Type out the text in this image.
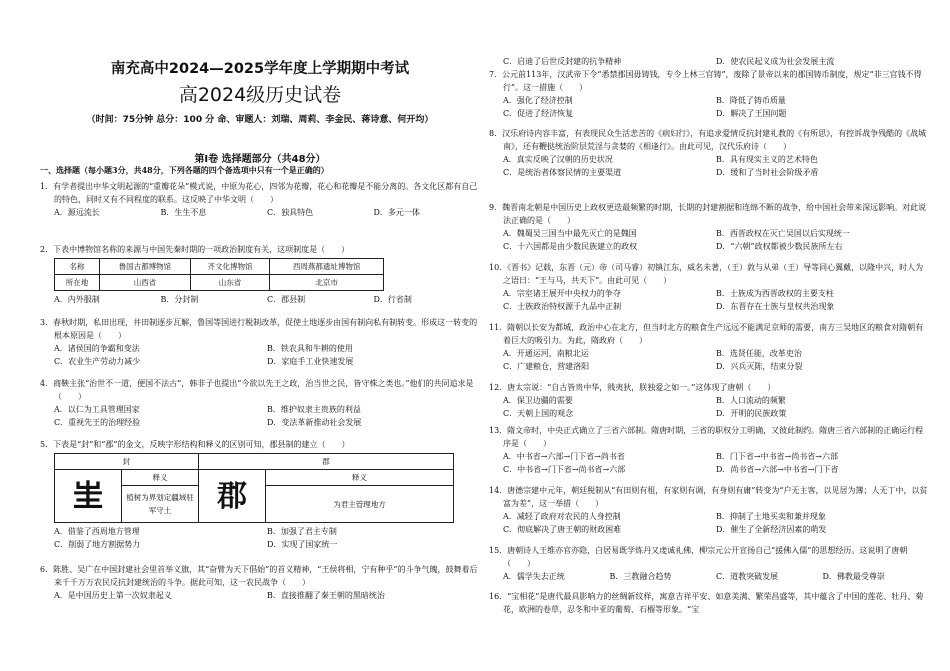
南充高中2024—2025学年度上学期期中考试
高2024级历史试卷
（时间：75分钟 总分：100 分 命、审题人：刘瑞、周莉、李金民、蒋诗意、何开均）
第Ⅰ卷 选择题部分（共48分）
一、选择题（每小题3分，共48分，下列各题的四个备选项中只有一个是正确的）
1．有学者提出中华文明起源的“重瓣花朵”模式说，中原为花心，四邻为花瓣，花心和花瓣是不能分离的。各文化区都有自己的特色，同时又有不同程度的联系。这反映了中华文明（　　）
A．源远流长	B．生生不息	C．独具特色	D．多元一体
2．下表中博物馆名称的来源与中国先秦时期的一项政治制度有关，这项制度是（　　）
名称	鲁国古都博物馆	齐文化博物馆	西周燕都遗址博物馆
所在地	山西省	山东省	北京市
A．内外服制	B．分封制	C．郡县制	D．行省制
3．春秋时期，私田出现，井田制逐步瓦解，鲁国等国进行税制改革，促使土地逐步由国有制向私有制转变。形成这一转变的根本原因是（　　）
A．诸侯国的争霸和变法	B．铁农具和牛耕的使用
C．农业生产劳动力减少	D．家庭手工业快速发展
4．商鞅主张“治世不一道，便国不法古”，韩非子也提出“今欲以先王之政，治当世之民，皆守株之类也。”他们的共同追求是（　　）
A．以仁为工具管理国家	B．维护奴隶主贵族的利益
C．重视先王的治理经验	D．变法革新推动社会发展
5．下表是“封”和“郡”的金文，反映字形结构和释义的区别可知，郡县制的建立（　　）
封		郡	
𡉚	释义	郡	释义
	植树为界划定疆域驻军守土		为君主管理地方
A．借鉴了西周地方管理	B．加强了君主专制
C．削弱了地方割据势力	D．实现了国家统一
6．陈胜、吴广在中国封建社会里首举义旗，其“奋臂为天下倡始”的首义精神，“王侯将相，宁有种乎”的斗争气魄，鼓舞着后来千千万万农民反抗封建统治的斗争。据此可知，这一农民战争（　　）
A．是中国历史上第一次奴隶起义	B．直接推翻了秦王朝的黑暗统治
C．启迪了后世反封建的抗争精神	D．使农民起义成为社会发展主流
7．公元前113年，汉武帝下令“悉禁郡国毋铸钱，专令上林三官铸”，废除了景帝以来的郡国铸币制度，规定“非三官钱不得行”。这一措施（　　）
A．强化了经济控制	B．降低了铸币质量
C．促进了经济恢复	D．解决了王国问题
8．汉乐府诗内容丰富，有表现民众生活悲苦的《病妇行》，有追求爱情反抗封建礼教的《有所思》，有控诉战争残酷的《战城南》，还有鞭挞统治阶层荒淫与贪婪的《相逢行》。由此可见，汉代乐府诗（　　）
A．真实反映了汉朝的历史状况	B．具有现实主义的艺术特色
C．是统治者体察民情的主要渠道	D．缓和了当时社会阶级矛盾
9．魏晋南北朝是中国历史上政权更迭最频繁的时期，长期的封建割据和连绵不断的战争，给中国社会带来深远影响。对此说法正确的是（　　）
A．魏蜀吴三国当中最先灭亡的是魏国	B．西晋政权在灭亡吴国以后实现统一
C．十六国都是由少数民族建立的政权	D．“六朝”政权都被少数民族所左右
10．《晋书》记载，东晋（元）帝（司马睿）初镇江东，威名未著，（王）敦与从弟（王）导等同心翼戴，以隆中兴，时人为之语曰：“王与马，共天下”。由此可见（　　）
A．宗室诸王展开中央权力的争夺	B．士族成为西晋政权的主要支柱
C．士族政治特权源于九品中正制	D．东晋存在士族与皇权共治现象
11．隋朝以长安为都城，政治中心在北方，但当时北方的粮食生产远远不能满足京师的需要，南方三吴地区的粮食对隋朝有着巨大的吸引力。为此，隋政府（　　）
A．开通运河，南粮北运	B．选贤任能，改革吏治
C．广建粮仓，营建洛阳	D．兴兵灭陈，结束分裂
12．唐太宗说：“自古皆贵中华，贱夷狄，朕独爱之如一。”这体现了唐朝（　　）
A．保卫边疆的需要	B．人口流动的频繁
C．天朝上国的观念	D．开明的民族政策
13．隋文帝时，中央正式确立了三省六部制。隋唐时期，三省的职权分工明确，又彼此制约。隋唐三省六部制的正确运行程序是（　　）
A．中书省→六部→门下省→尚书省	B．门下省→中书省→尚书省→六部
C．中书省→门下省→尚书省→六部	D．尚书省→六部→中书省→门下省
14．唐德宗建中元年，朝廷税制从“有田则有租，有家则有调，有身则有庸”转变为“户无主客，以见居为簿；人无丁中，以贫富为差”，这一举措（　　）
A．减轻了政府对农民的人身控制	B．抑制了土地买卖和兼并现象
C．彻底解决了唐王朝的财政困难	D．催生了全新经济因素的萌发
15．唐朝诗人王维亦官亦隐，白居易既学炼丹又虔诚礼佛，柳宗元公开宣扬自己“援佛入儒”的思想经历。这说明了唐朝（　　）
A．儒学失去正统	B．三教融合趋势	C．道教突破发展	D．佛教最受尊崇
16．“宝相花”是唐代最具影响力的丝绸新纹样，寓意吉祥平安、如意美满、繁荣昌盛等，其中蕴含了中国的莲花、牡丹、菊花，欧洲的卷草，忍冬和中亚的葡萄、石榴等形象。“宝
